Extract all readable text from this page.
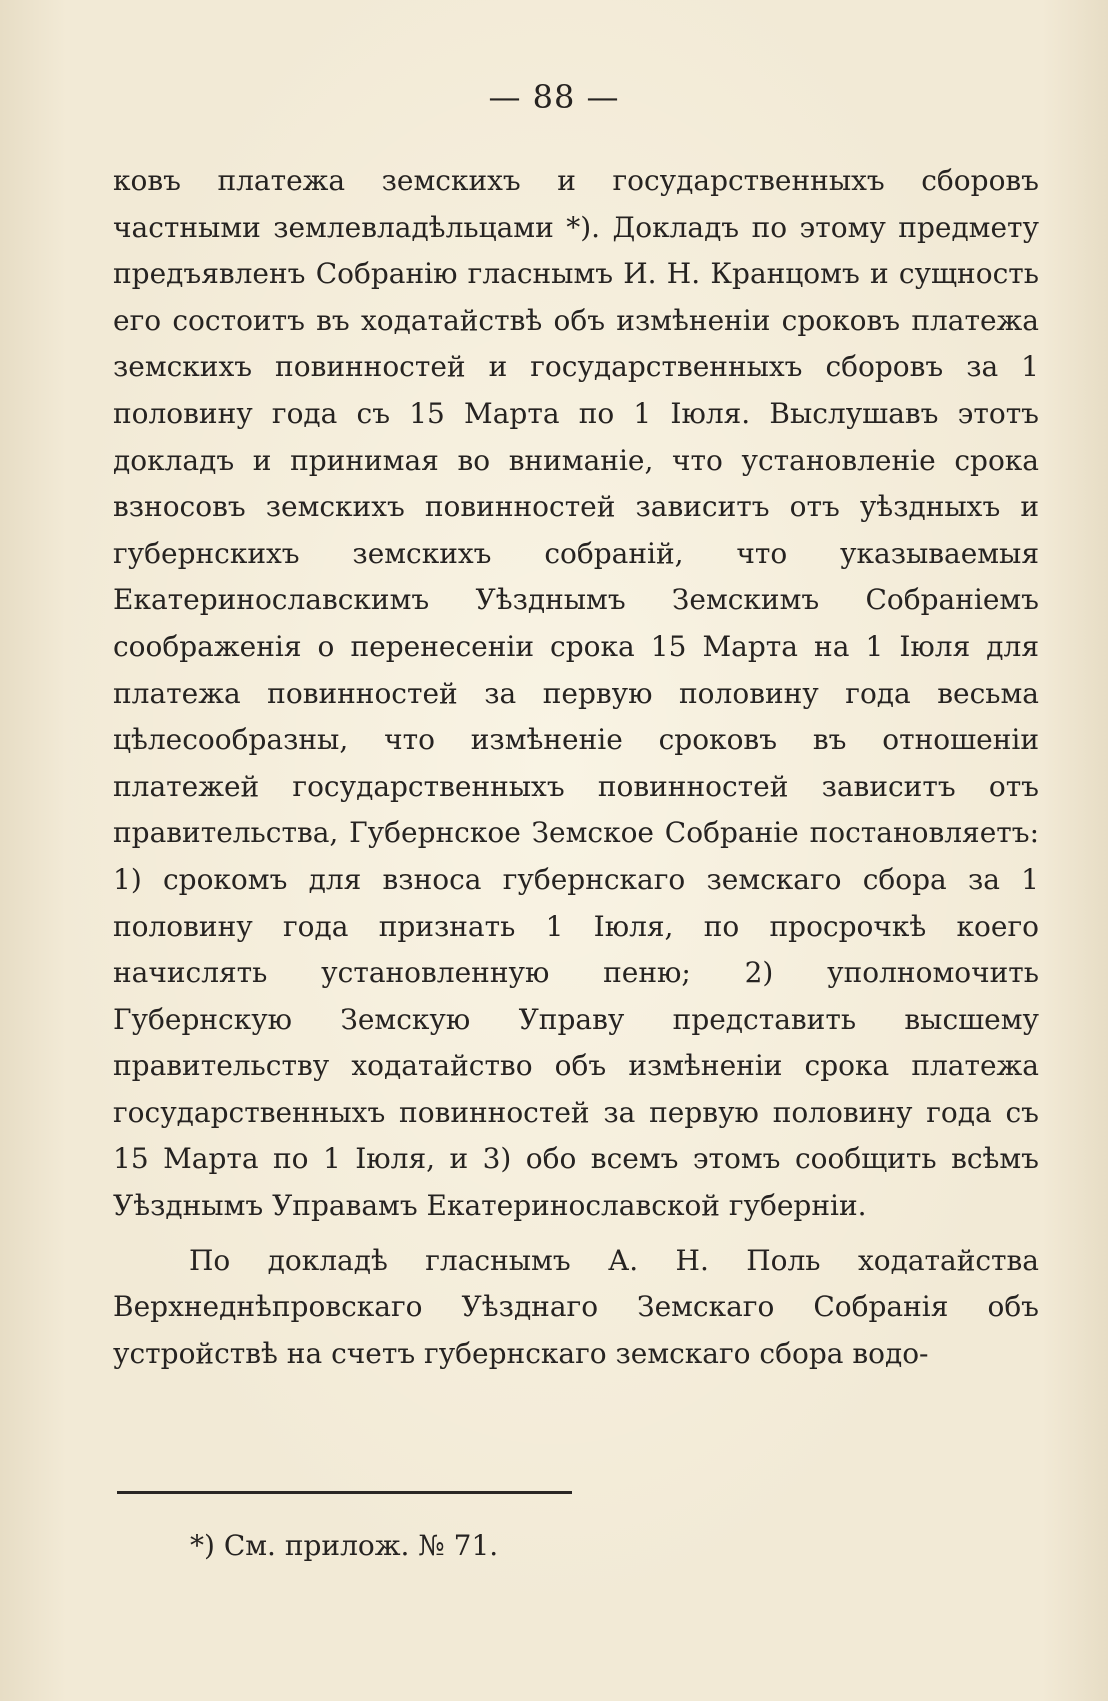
— 88 —

ковъ платежа земскихъ и государственныхъ сборовъ частными землевладѣльцами *). Докладъ по этому предмету предъявленъ Собранію гласнымъ И. Н. Кранцомъ и сущность его состоитъ въ ходатайствѣ объ измѣненіи сроковъ платежа земскихъ повинностей и государственныхъ сборовъ за 1 половину года съ 15 Марта по 1 Іюля. Выслушавъ этотъ докладъ и принимая во вниманіе, что установленіе срока взносовъ земскихъ повинностей зависитъ отъ уѣздныхъ и губернскихъ земскихъ собраній, что указываемыя Екатеринославскимъ Уѣзднымъ Земскимъ Собраніемъ соображенія о перенесеніи срока 15 Марта на 1 Іюля для платежа повинностей за первую половину года весьма цѣлесообразны, что измѣненіе сроковъ въ отношеніи платежей государственныхъ повинностей зависитъ отъ правительства, Губернское Земское Собраніе постановляетъ: 1) срокомъ для взноса губернскаго земскаго сбора за 1 половину года признать 1 Іюля, по просрочкѣ коего начислять установленную пеню; 2) уполномочить Губернскую Земскую Управу представить высшему правительству ходатайство объ измѣненіи срока платежа государственныхъ повинностей за первую половину года съ 15 Марта по 1 Іюля, и 3) обо всемъ этомъ сообщить всѣмъ Уѣзднымъ Управамъ Екатеринославской губерніи.

По докладѣ гласнымъ А. Н. Поль ходатайства Верхнеднѣпровскаго Уѣзднаго Земскаго Собранія объ устройствѣ на счетъ губернскаго земскаго сбора водо-

*) См. прилож. № 71.
